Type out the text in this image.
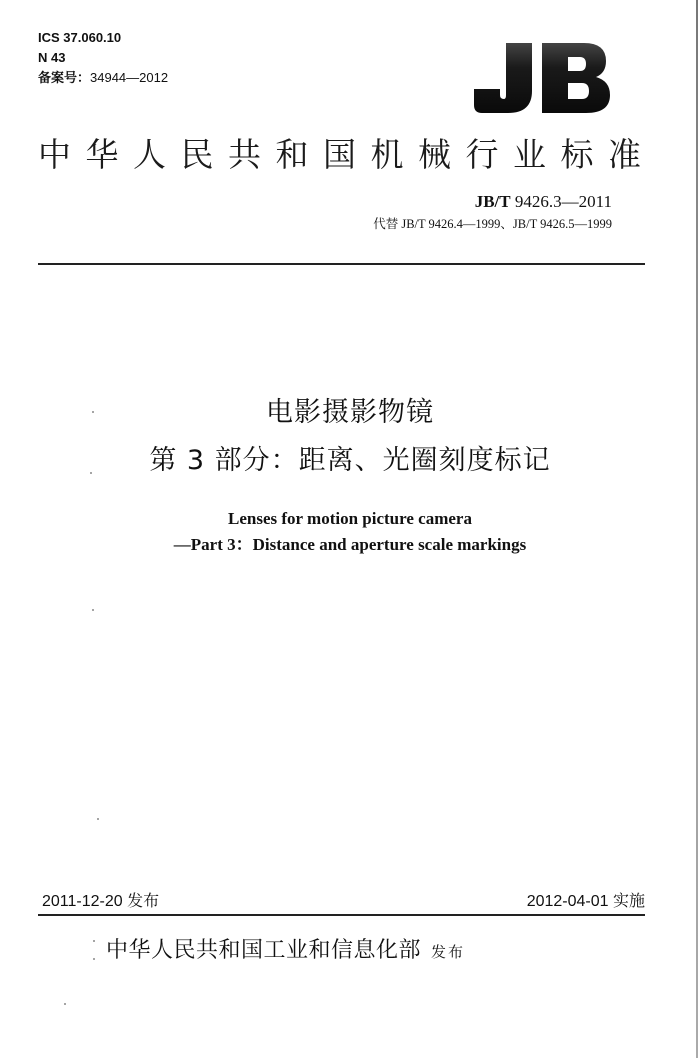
ICS 37.060.10
N 43
备案号：34944—2012
中华人民共和国机械行业标准
JB/T 9426.3—2011
代替 JB/T 9426.4—1999、JB/T 9426.5—1999
电影摄影物镜
第 3 部分：距离、光圈刻度标记
Lenses for motion picture camera
—Part 3：Distance and aperture scale markings
2011-12-20 发布	2012-04-01 实施
中华人民共和国工业和信息化部 发布
